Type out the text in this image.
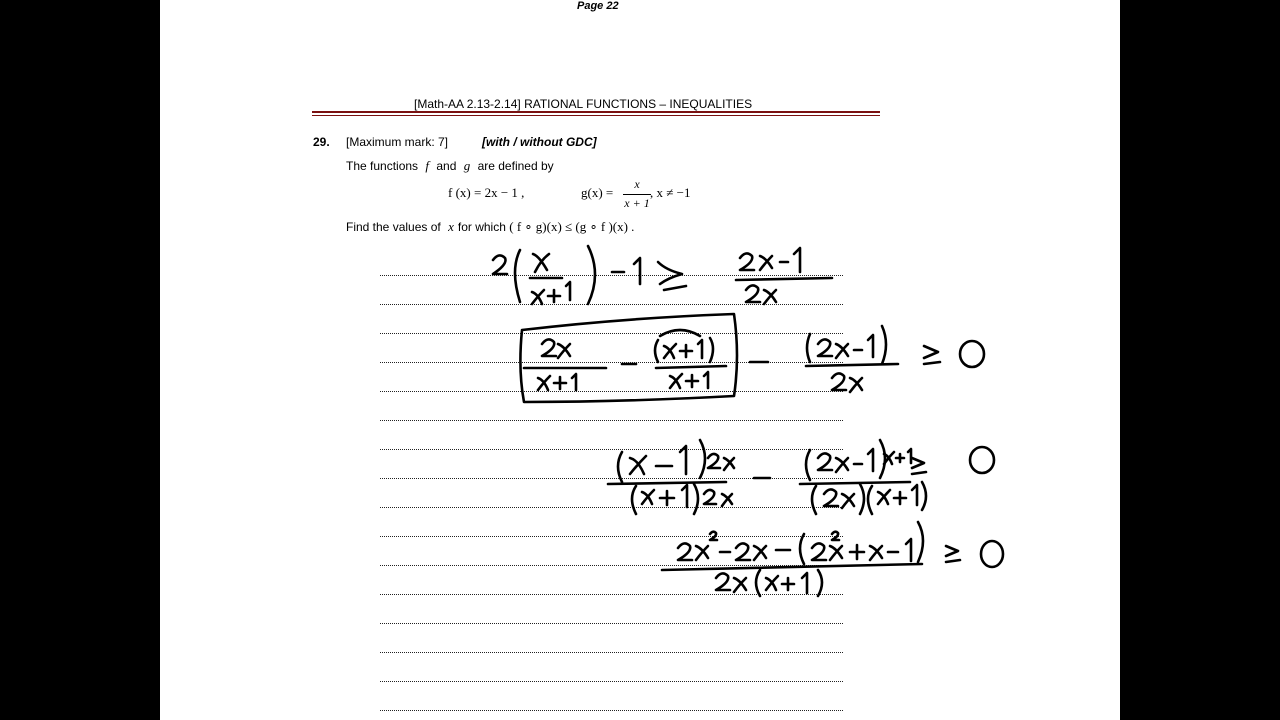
Page 22
[Math-AA 2.13-2.14] RATIONAL FUNCTIONS – INEQUALITIES
29. [Maximum mark: 7]	[with / without GDC]
The functions f and g are defined by
f (x) = 2x − 1 ,	g(x) =
x
x + 1
, x ≠ −1
Find the values of x for which ( f ∘ g)(x) ≤ (g ∘ f )(x) .
